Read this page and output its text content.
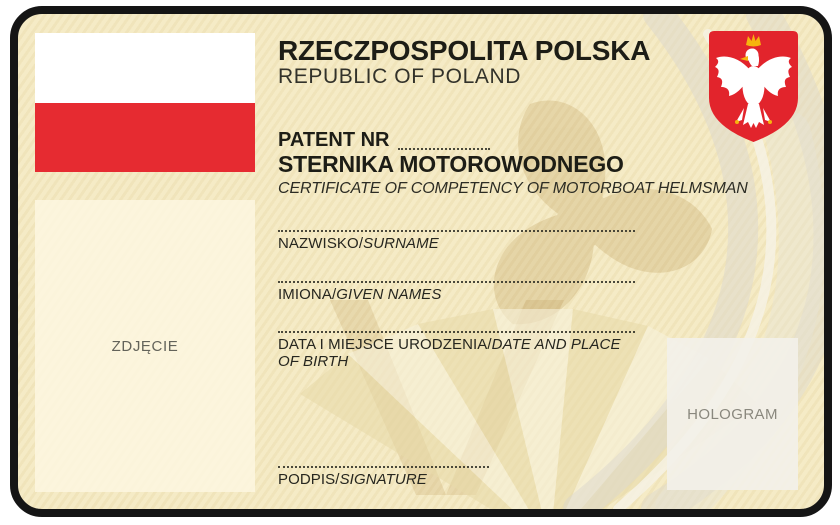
ZDJĘCIE
RZECZPOSPOLITA POLSKA
REPUBLIC OF POLAND
PATENT NR
STERNIKA MOTOROWODNEGO
CERTIFICATE OF COMPETENCY OF MOTORBOAT HELMSMAN
NAZWISKO/SURNAME
IMIONA/GIVEN NAMES
DATA I MIEJSCE URODZENIA/DATE AND PLACE OF BIRTH
PODPIS/SIGNATURE
HOLOGRAM
